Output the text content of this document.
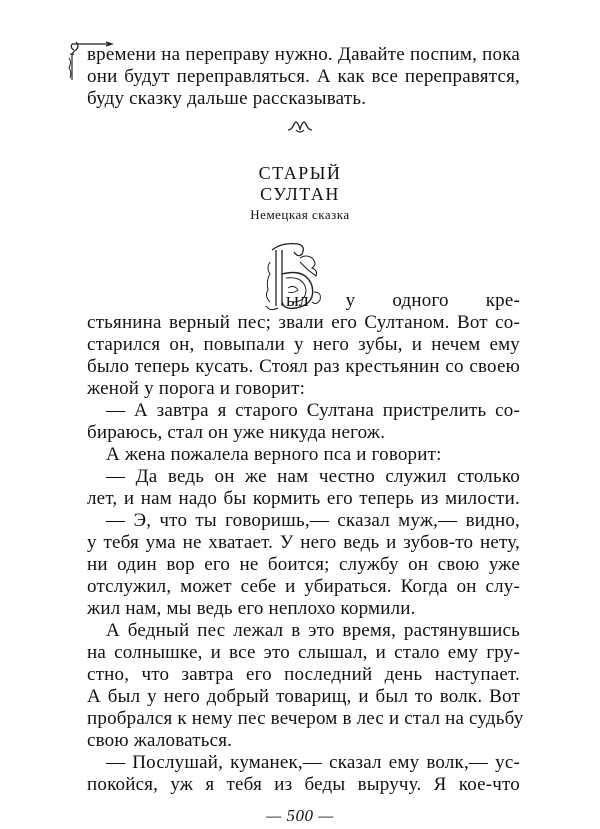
времени на переправу нужно. Давайте поспим, пока
они будут переправляться. А как все переправятся,
буду сказку дальше рассказывать.
СТАРЫЙ
СУЛТАН
Немецкая сказка
ыл у одного кре-
стьянина верный пес; звали его Султаном. Вот со-
старился он, повыпали у него зубы, и нечем ему
было теперь кусать. Стоял раз крестьянин со своею
женой у порога и говорит:
— А завтра я старого Султана пристрелить со-
бираюсь, стал он уже никуда негож.
А жена пожалела верного пса и говорит:
— Да ведь он же нам честно служил столько
лет, и нам надо бы кормить его теперь из милости.
— Э, что ты говоришь,— сказал муж,— видно,
у тебя ума не хватает. У него ведь и зубов-то нету,
ни один вор его не боится; службу он свою уже
отслужил, может себе и убираться. Когда он слу-
жил нам, мы ведь его неплохо кормили.
А бедный пес лежал в это время, растянувшись
на солнышке, и все это слышал, и стало ему гру-
стно, что завтра его последний день наступает.
А был у него добрый товарищ, и был то волк. Вот
пробрался к нему пес вечером в лес и стал на судьбу
свою жаловаться.
— Послушай, куманек,— сказал ему волк,— ус-
покойся, уж я тебя из беды выручу. Я кое-что
— 500 —
